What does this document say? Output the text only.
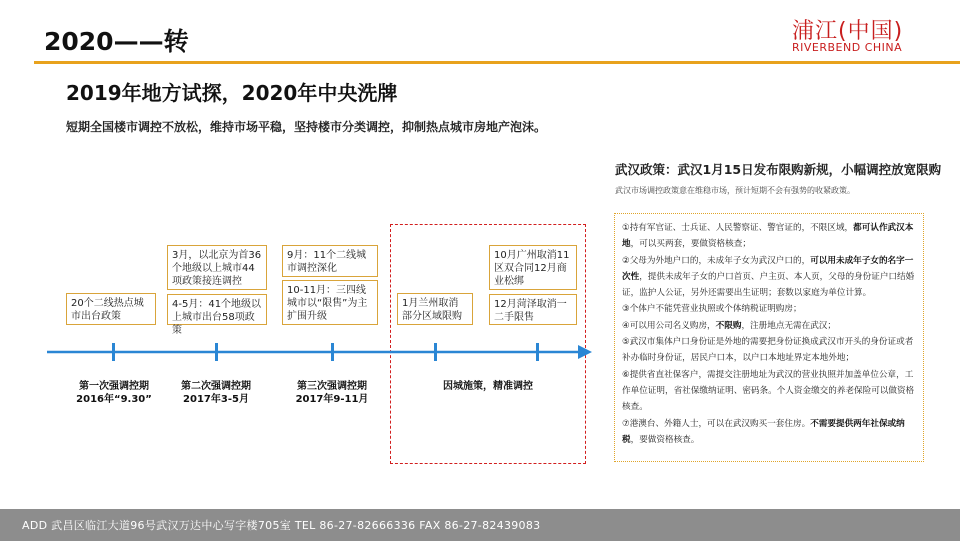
2020——转	浦江(中国)
RIVERBEND CHINA
2019年地方试探，2020年中央洗牌
短期全国楼市调控不放松，维持市场平稳，坚持楼市分类调控，抑制热点城市房地产泡沫。
20个二线热点城市出台政策
3月，以北京为首36个地级以上城市44项政策接连调控
4-5月：41个地级以上城市出台58项政策
9月：11个二线城市调控深化
10-11月：三四线城市以“限售”为主扩围升级
1月兰州取消部分区域限购
10月广州取消11区双合同12月商业松绑
12月菏泽取消一二手限售
第一次强调控期
2016年“9.30”
第二次强调控期
2017年3-5月
第三次强调控期
2017年9-11月
因城施策，精准调控
武汉政策：武汉1月15日发布限购新规，小幅调控放宽限购
武汉市场调控政策意在维稳市场，预计短期不会有强势的收紧政策。
①持有军官证、士兵证、人民警察证、警官证的，不限区域，都可认作武汉本地，可以买两套，要做资格核查；
②父母为外地户口的，未成年子女为武汉户口的，可以用未成年子女的名字一次性，提供未成年子女的户口首页、户主页、本人页，父母的身份证户口结婚证，监护人公证，另外还需要出生证明；套数以家庭为单位计算。
③个体户不能凭营业执照或个体纳税证明购房；
④可以用公司名义购房，不限购，注册地点无需在武汉；
⑤武汉市集体户口身份证是外地的需要把身份证换成武汉市开头的身份证或者补办临时身份证，居民户口本，以户口本地址界定本地外地；
⑥提供省直社保客户，需提交注册地址为武汉的营业执照并加盖单位公章，工作单位证明，省社保缴纳证明、密码条。个人资金缴交的养老保险可以做资格核查。
⑦港澳台、外籍人士，可以在武汉购买一套住房。不需要提供两年社保或纳税，要做资格核查。
ADD 武昌区临江大道96号武汉万达中心写字楼705室 TEL 86-27-82666336 FAX 86-27-82439083
